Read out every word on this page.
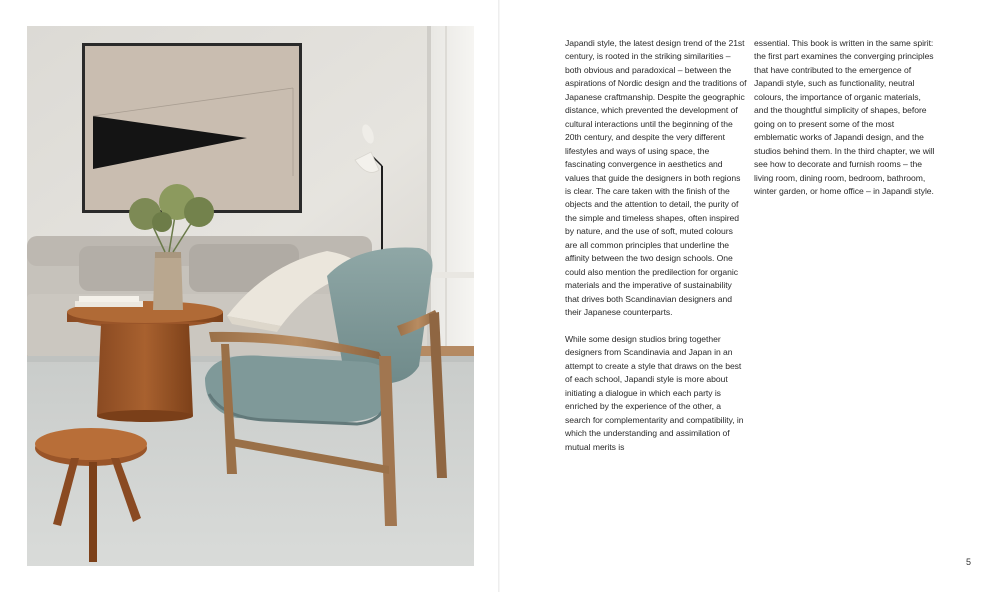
Japandi style, the latest design trend of the 21st century, is rooted in the striking similarities – both obvious and paradoxical – between the aspirations of Nordic design and the traditions of Japanese craftmanship. Despite the geographic distance, which prevented the development of cultural interactions until the beginning of the 20th century, and despite the very different lifestyles and ways of using space, the fascinating convergence in aesthetics and values that guide the designers in both regions is clear. The care taken with the finish of the objects and the attention to detail, the purity of the simple and timeless shapes, often inspired by nature, and the use of soft, muted colours are all common principles that underline the affinity between the two design schools. One could also mention the predilection for organic materials and the imperative of sustainability that drives both Scandinavian designers and their Japanese counterparts.

While some design studios bring together designers from Scandinavia and Japan in an attempt to create a style that draws on the best of each school, Japandi style is more about initiating a dialogue in which each party is enriched by the experience of the other, a search for complementarity and compatibility, in which the understanding and assimilation of mutual merits is

essential. This book is written in the same spirit: the first part examines the converging principles that have contributed to the emergence of Japandi style, such as functionality, neutral colours, the importance of organic materials, and the thoughtful simplicity of shapes, before going on to present some of the most emblematic works of Japandi design, and the studios behind them. In the third chapter, we will see how to decorate and furnish rooms – the living room, dining room, bedroom, bathroom, winter garden, or home office – in Japandi style.

5
